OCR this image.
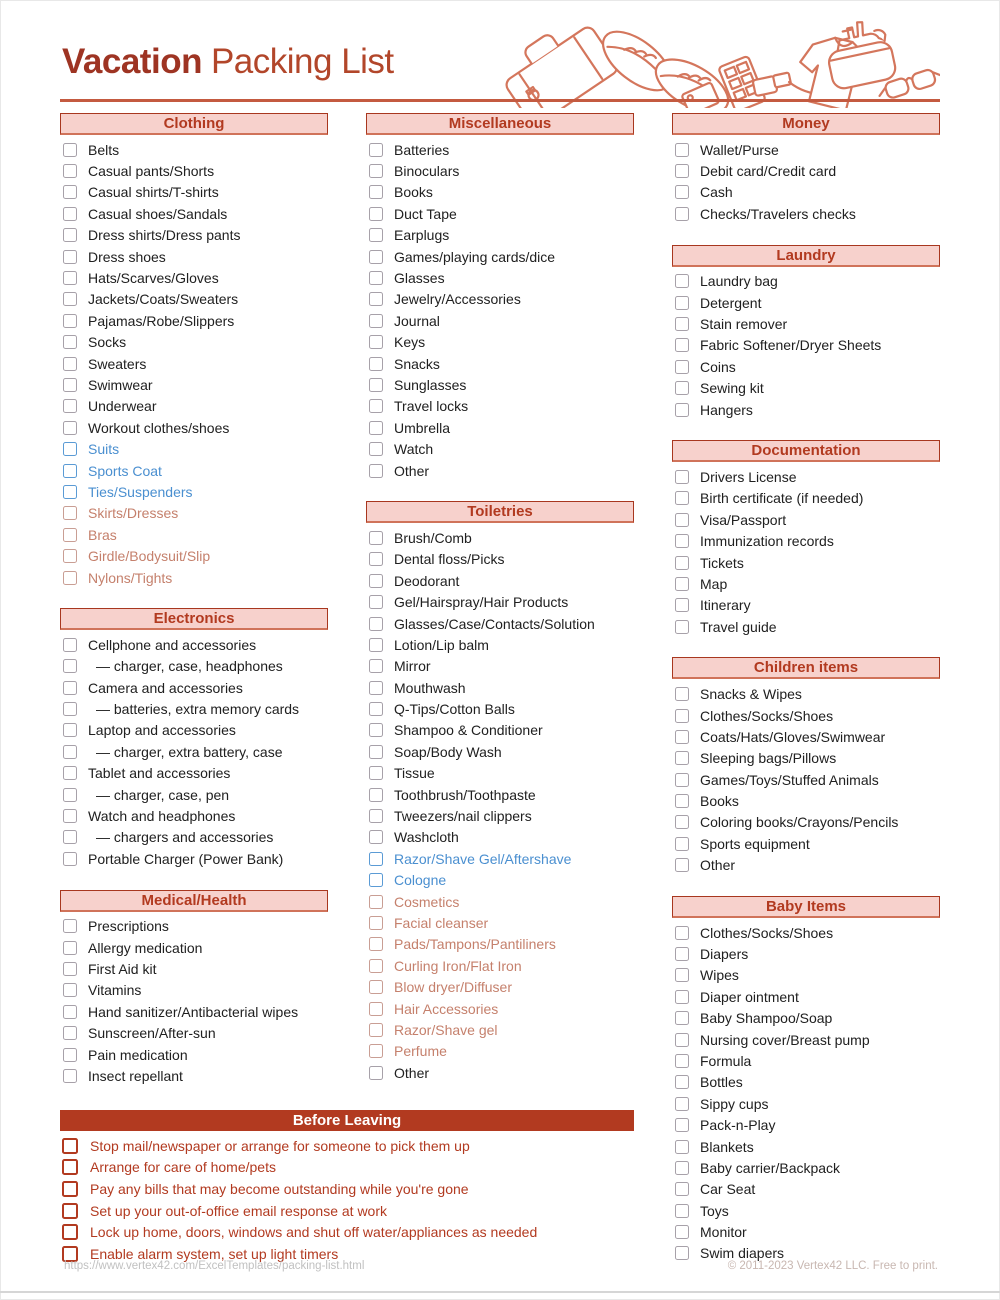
Vacation Packing List
Clothing
Belts
Casual pants/Shorts
Casual shirts/T-shirts
Casual shoes/Sandals
Dress shirts/Dress pants
Dress shoes
Hats/Scarves/Gloves
Jackets/Coats/Sweaters
Pajamas/Robe/Slippers
Socks
Sweaters
Swimwear
Underwear
Workout clothes/shoes
Suits
Sports Coat
Ties/Suspenders
Skirts/Dresses
Bras
Girdle/Bodysuit/Slip
Nylons/Tights
Electronics
Cellphone and accessories
— charger, case, headphones
Camera and accessories
— batteries, extra memory cards
Laptop and accessories
— charger, extra battery, case
Tablet and accessories
— charger, case, pen
Watch and headphones
— chargers and accessories
Portable Charger (Power Bank)
Medical/Health
Prescriptions
Allergy medication
First Aid kit
Vitamins
Hand sanitizer/Antibacterial wipes
Sunscreen/After-sun
Pain medication
Insect repellant
Miscellaneous
Batteries
Binoculars
Books
Duct Tape
Earplugs
Games/playing cards/dice
Glasses
Jewelry/Accessories
Journal
Keys
Snacks
Sunglasses
Travel locks
Umbrella
Watch
Other
Toiletries
Brush/Comb
Dental floss/Picks
Deodorant
Gel/Hairspray/Hair Products
Glasses/Case/Contacts/Solution
Lotion/Lip balm
Mirror
Mouthwash
Q-Tips/Cotton Balls
Shampoo & Conditioner
Soap/Body Wash
Tissue
Toothbrush/Toothpaste
Tweezers/nail clippers
Washcloth
Razor/Shave Gel/Aftershave
Cologne
Cosmetics
Facial cleanser
Pads/Tampons/Pantiliners
Curling Iron/Flat Iron
Blow dryer/Diffuser
Hair Accessories
Razor/Shave gel
Perfume
Other
Money
Wallet/Purse
Debit card/Credit card
Cash
Checks/Travelers checks
Laundry
Laundry bag
Detergent
Stain remover
Fabric Softener/Dryer Sheets
Coins
Sewing kit
Hangers
Documentation
Drivers License
Birth certificate (if needed)
Visa/Passport
Immunization records
Tickets
Map
Itinerary
Travel guide
Children items
Snacks & Wipes
Clothes/Socks/Shoes
Coats/Hats/Gloves/Swimwear
Sleeping bags/Pillows
Games/Toys/Stuffed Animals
Books
Coloring books/Crayons/Pencils
Sports equipment
Other
Baby Items
Clothes/Socks/Shoes
Diapers
Wipes
Diaper ointment
Baby Shampoo/Soap
Nursing cover/Breast pump
Formula
Bottles
Sippy cups
Pack-n-Play
Blankets
Baby carrier/Backpack
Car Seat
Toys
Monitor
Swim diapers
Before Leaving
Stop mail/newspaper or arrange for someone to pick them up
Arrange for care of home/pets
Pay any bills that may become outstanding while you're gone
Set up your out-of-office email response at work
Lock up home, doors, windows and shut off water/appliances as needed
Enable alarm system, set up light timers
https://www.vertex42.com/ExcelTemplates/packing-list.html	© 2011-2023 Vertex42 LLC. Free to print.
